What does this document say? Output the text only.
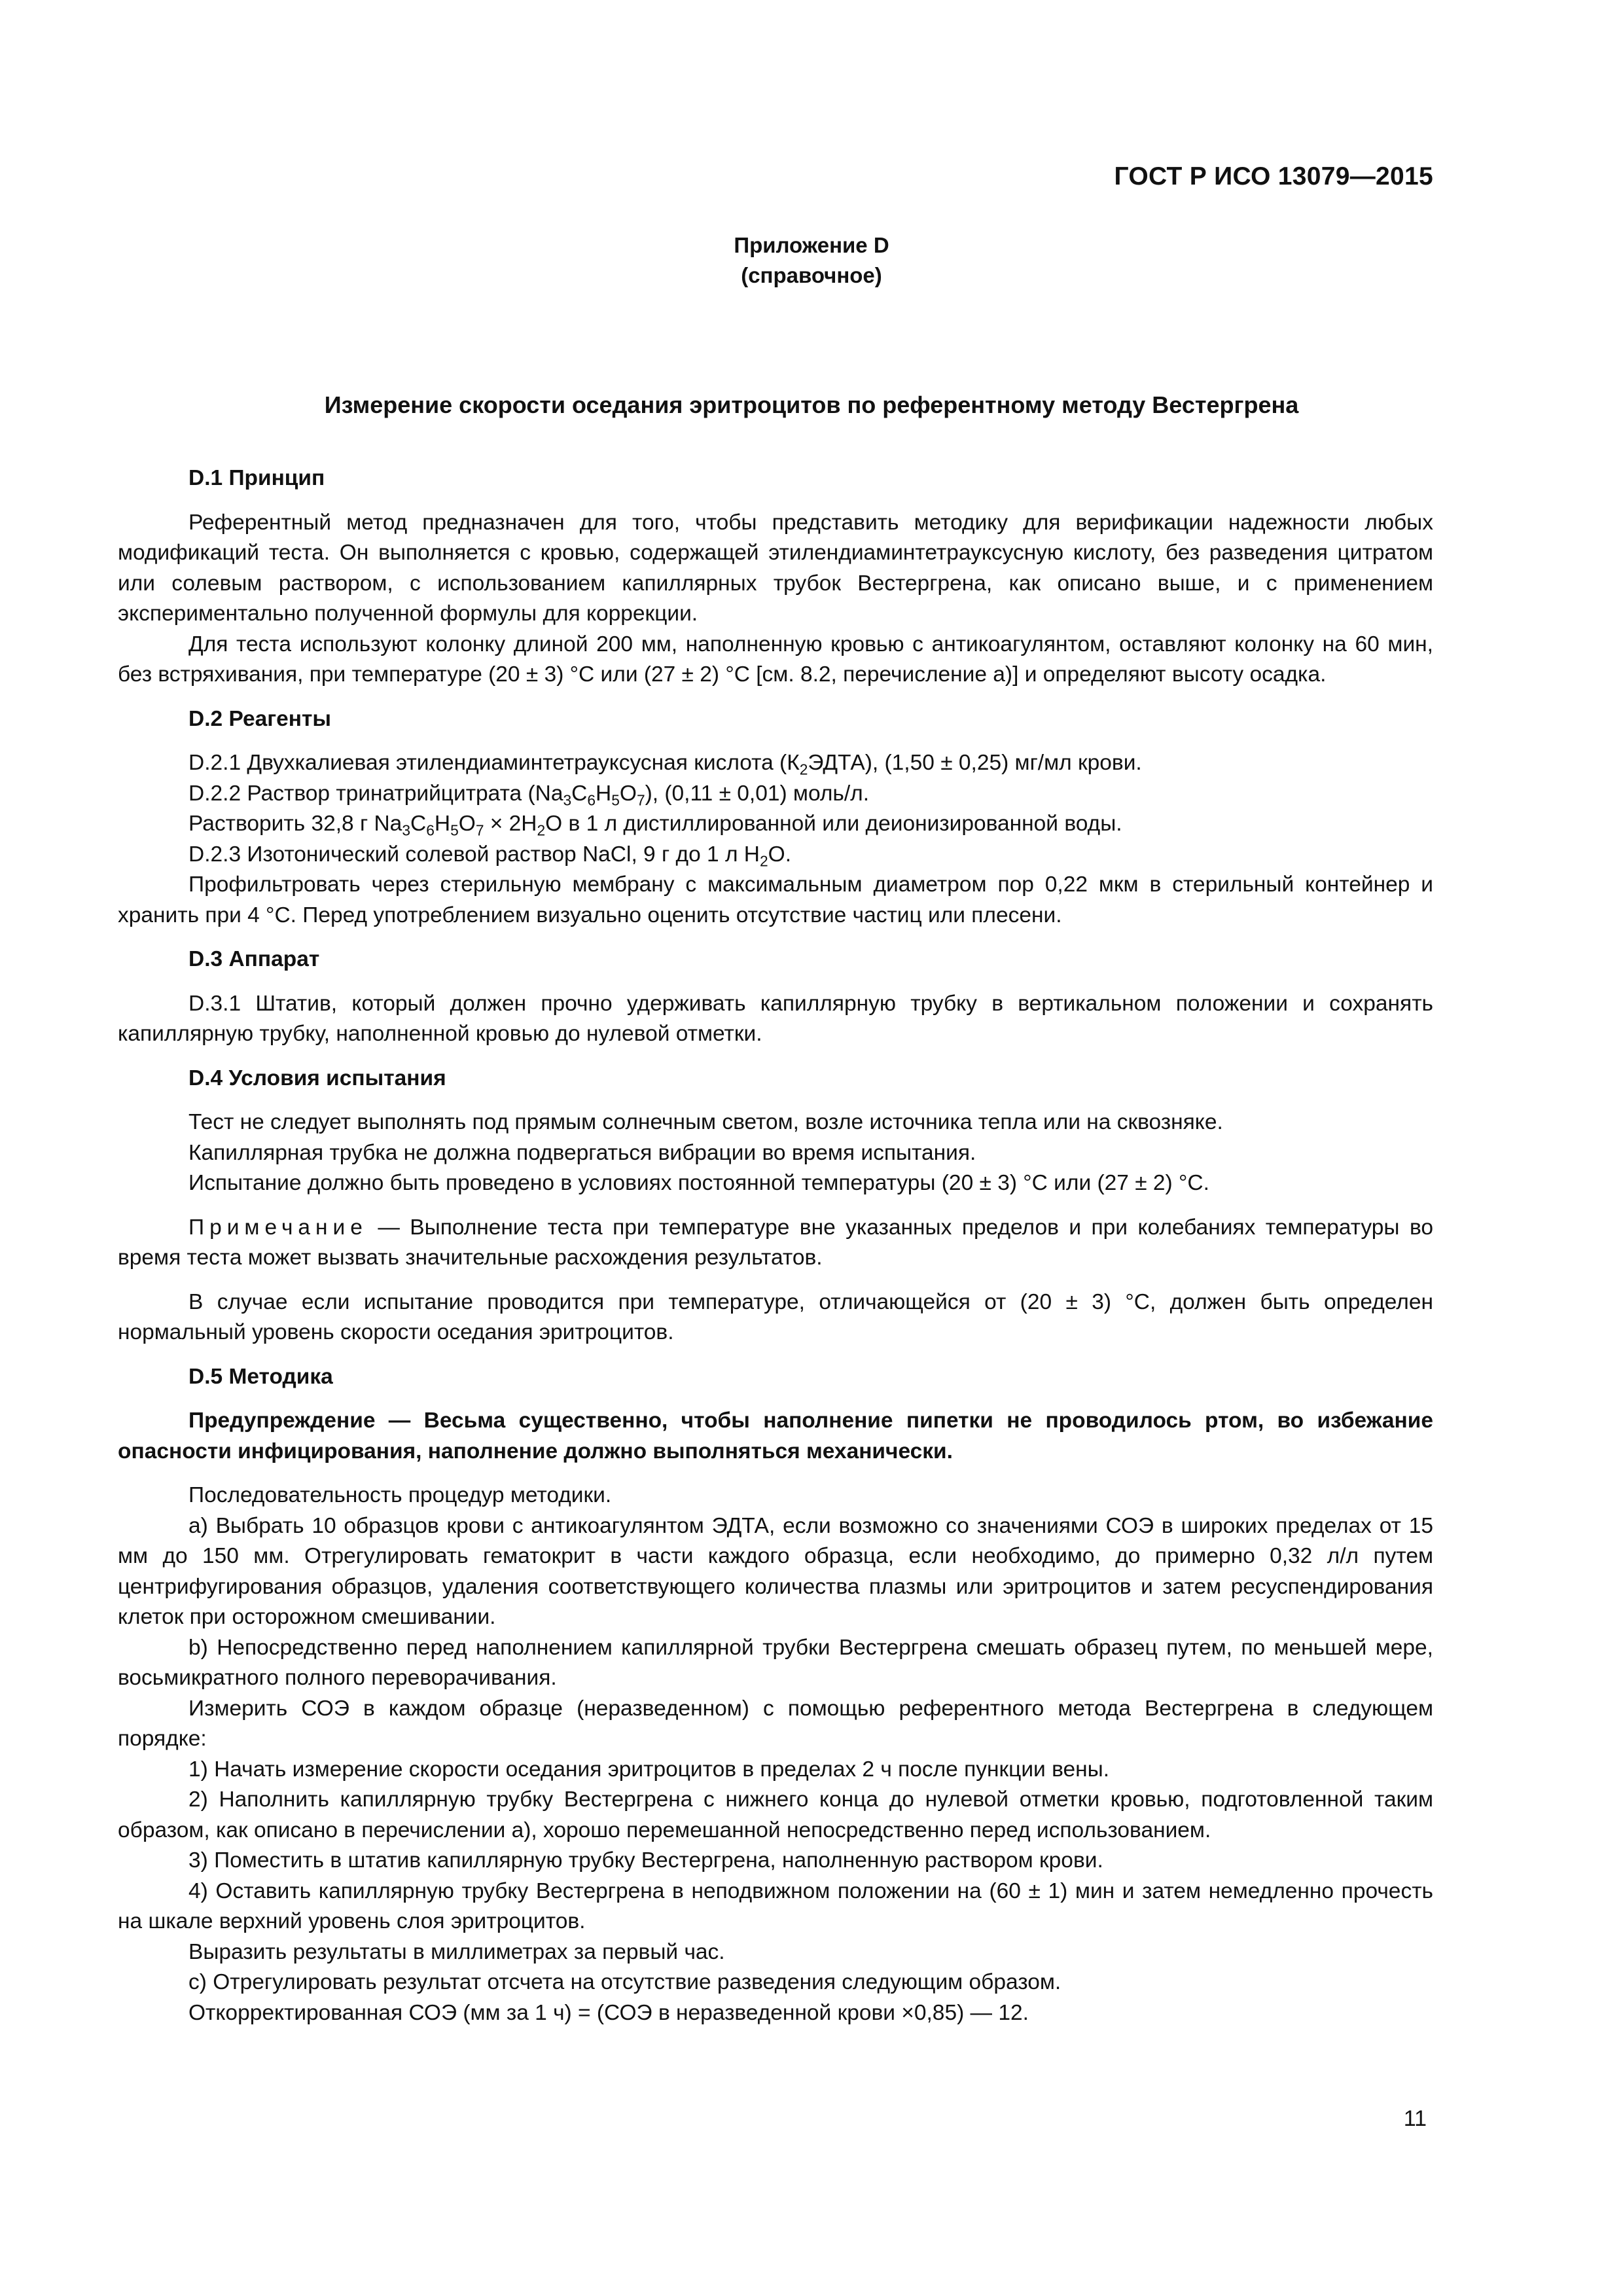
ГОСТ Р ИСО 13079—2015
Приложение D
(справочное)
Измерение скорости оседания эритроцитов по референтному методу Вестергрена
D.1 Принцип

Референтный метод предназначен для того, чтобы представить методику для верификации надежности любых модификаций теста. Он выполняется с кровью, содержащей этилендиаминтетрауксусную кислоту, без разведения цитратом или солевым раствором, с использованием капиллярных трубок Вестергрена, как описано выше, и с применением экспериментально полученной формулы для коррекции.

Для теста используют колонку длиной 200 мм, наполненную кровью с антикоагулянтом, оставляют колонку на 60 мин, без встряхивания, при температуре (20 ± 3) °С или (27 ± 2) °С [см. 8.2, перечисление а)] и определяют высоту осадка.

D.2 Реагенты

D.2.1 Двухкалиевая этилендиаминтетрауксусная кислота $(К_2ЭДТА)$, (1,50 ± 0,25) мг/мл крови.

D.2.2 Раствор тринатрийцитрата $(Na_3C_6H_5O_7)$, (0,11 ± 0,01) моль/л.

Растворить 32,8 г $Na_3C_6H_5O_7 \times 2H_2O$ в 1 л дистиллированной или деионизированной воды.

D.2.3 Изотонический солевой раствор NaCl, 9 г до 1 л $H_2O$.

Профильтровать через стерильную мембрану с максимальным диаметром пор 0,22 мкм в стерильный контейнер и хранить при 4 °С. Перед употреблением визуально оценить отсутствие частиц или плесени.

D.3 Аппарат

D.3.1 Штатив, который должен прочно удерживать капиллярную трубку в вертикальном положении и сохранять капиллярную трубку, наполненной кровью до нулевой отметки.

D.4 Условия испытания

Тест не следует выполнять под прямым солнечным светом, возле источника тепла или на сквозняке.

Капиллярная трубка не должна подвергаться вибрации во время испытания.

Испытание должно быть проведено в условиях постоянной температуры (20 ± 3) °С или (27 ± 2) °С.

Примечание — Выполнение теста при температуре вне указанных пределов и при колебаниях температуры во время теста может вызвать значительные расхождения результатов.

В случае если испытание проводится при температуре, отличающейся от (20 ± 3) °С, должен быть определен нормальный уровень скорости оседания эритроцитов.

D.5 Методика

Предупреждение — Весьма существенно, чтобы наполнение пипетки не проводилось ртом, во избежание опасности инфицирования, наполнение должно выполняться механически.

Последовательность процедур методики.

а) Выбрать 10 образцов крови с антикоагулянтом ЭДТА, если возможно со значениями СОЭ в широких пределах от 15 мм до 150 мм. Отрегулировать гематокрит в части каждого образца, если необходимо, до примерно 0,32 л/л путем центрифугирования образцов, удаления соответствующего количества плазмы или эритроцитов и затем ресуспендирования клеток при осторожном смешивании.

b) Непосредственно перед наполнением капиллярной трубки Вестергрена смешать образец путем, по меньшей мере, восьмикратного полного переворачивания.

Измерить СОЭ в каждом образце (неразведенном) с помощью референтного метода Вестергрена в следующем порядке:

1) Начать измерение скорости оседания эритроцитов в пределах 2 ч после пункции вены.

2) Наполнить капиллярную трубку Вестергрена с нижнего конца до нулевой отметки кровью, подготовленной таким образом, как описано в перечислении а), хорошо перемешанной непосредственно перед использованием.

3) Поместить в штатив капиллярную трубку Вестергрена, наполненную раствором крови.

4) Оставить капиллярную трубку Вестергрена в неподвижном положении на (60 ± 1) мин и затем немедленно прочесть на шкале верхний уровень слоя эритроцитов.

Выразить результаты в миллиметрах за первый час.

с) Отрегулировать результат отсчета на отсутствие разведения следующим образом.

Откорректированная СОЭ (мм за 1 ч) = (СОЭ в неразведенной крови ×0,85) — 12.

11
